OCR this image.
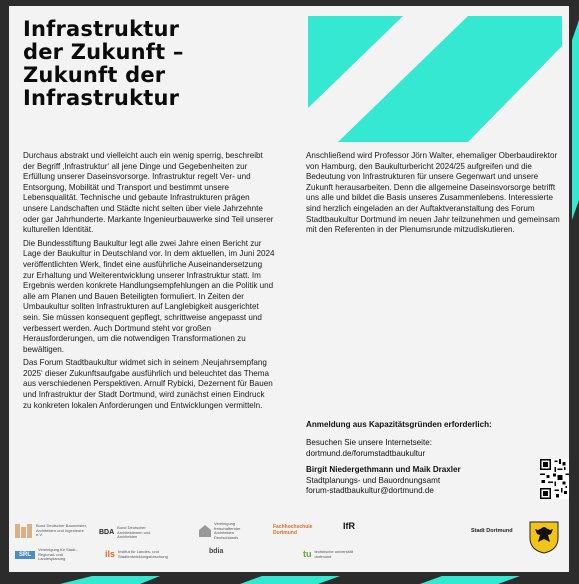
Infrastruktur
der Zukunft –
Zukunft der
Infrastruktur

Durchaus abstrakt und vielleicht auch ein wenig sperrig, beschreibt der Begriff ‚Infrastruktur‘ all jene Dinge und Gegebenheiten zur Erfüllung unserer Daseinsvorsorge. Infrastruktur regelt Ver- und Entsorgung, Mobilität und Transport und bestimmt unsere Lebensqualität. Technische und gebaute Infrastrukturen prägen unsere Landschaften und Städte nicht selten über viele Jahrzehnte oder gar Jahrhunderte. Markante Ingenieurbauwerke sind Teil unserer kulturellen Identität.

Die Bundesstiftung Baukultur legt alle zwei Jahre einen Bericht zur Lage der Baukultur in Deutschland vor. In dem aktuellen, im Juni 2024 veröffentlichten Werk, findet eine ausführliche Auseinandersetzung zur Erhaltung und Weiterentwicklung unserer Infrastruktur statt. Im Ergebnis werden konkrete Handlungsempfehlungen an die Politik und alle am Planen und Bauen Beteiligten formuliert. In Zeiten der Umbaukultur sollten Infrastrukturen auf Langlebigkeit ausgerichtet sein. Sie müssen konsequent gepflegt, schrittweise angepasst und verbessert werden. Auch Dortmund steht vor großen Herausforderungen, um die notwendigen Transformationen zu bewältigen.

Das Forum Stadtbaukultur widmet sich in seinem ‚Neujahrsempfang 2025‘ dieser Zukunftsaufgabe ausführlich und beleuchtet das Thema aus verschiedenen Perspektiven. Arnulf Rybicki, Dezernent für Bauen und Infrastruktur der Stadt Dortmund, wird zunächst einen Eindruck zu konkreten lokalen Anforderungen und Entwicklungen vermitteln.

Anschließend wird Professor Jörn Walter, ehemaliger Oberbaudirektor von Hamburg, den Baukulturbericht 2024/25 aufgreifen und die Bedeutung von Infrastrukturen für unsere Gegenwart und unsere Zukunft herausarbeiten. Denn die allgemeine Daseinsvorsorge betrifft uns alle und bildet die Basis unseres Zusammenlebens. Interessierte sind herzlich eingeladen an der Auftaktveranstaltung des Forum Stadtbaukultur Dortmund im neuen Jahr teilzunehmen und gemeinsam mit den Referenten in der Plenumsrunde mitzudiskutieren.

Anmeldung aus Kapazitätsgründen erforderlich:
Besuchen Sie unsere Internetseite:
dortmund.de/forumstadtbaukultur
Birgit Niedergethmann und Maik Draxler
Stadtplanungs- und Bauordnungsamt
forum-stadtbaukultur@dortmund.de
Bund Deutscher Baumeister, Architekten und Ingenieure e.V.	BDA
Bund Deutscher Architektinnen und Architekten
Vereinigung freischaffender Architekten Deutschlands
Fachhochschule
Dortmund
IfR
SRL
Vereinigung für Stadt-, Regional- und Landesplanung	ils Institut für Landes- und Stadtentwicklungsforschung
bdia	tu technische universität dortmund
Stadt Dortmund
